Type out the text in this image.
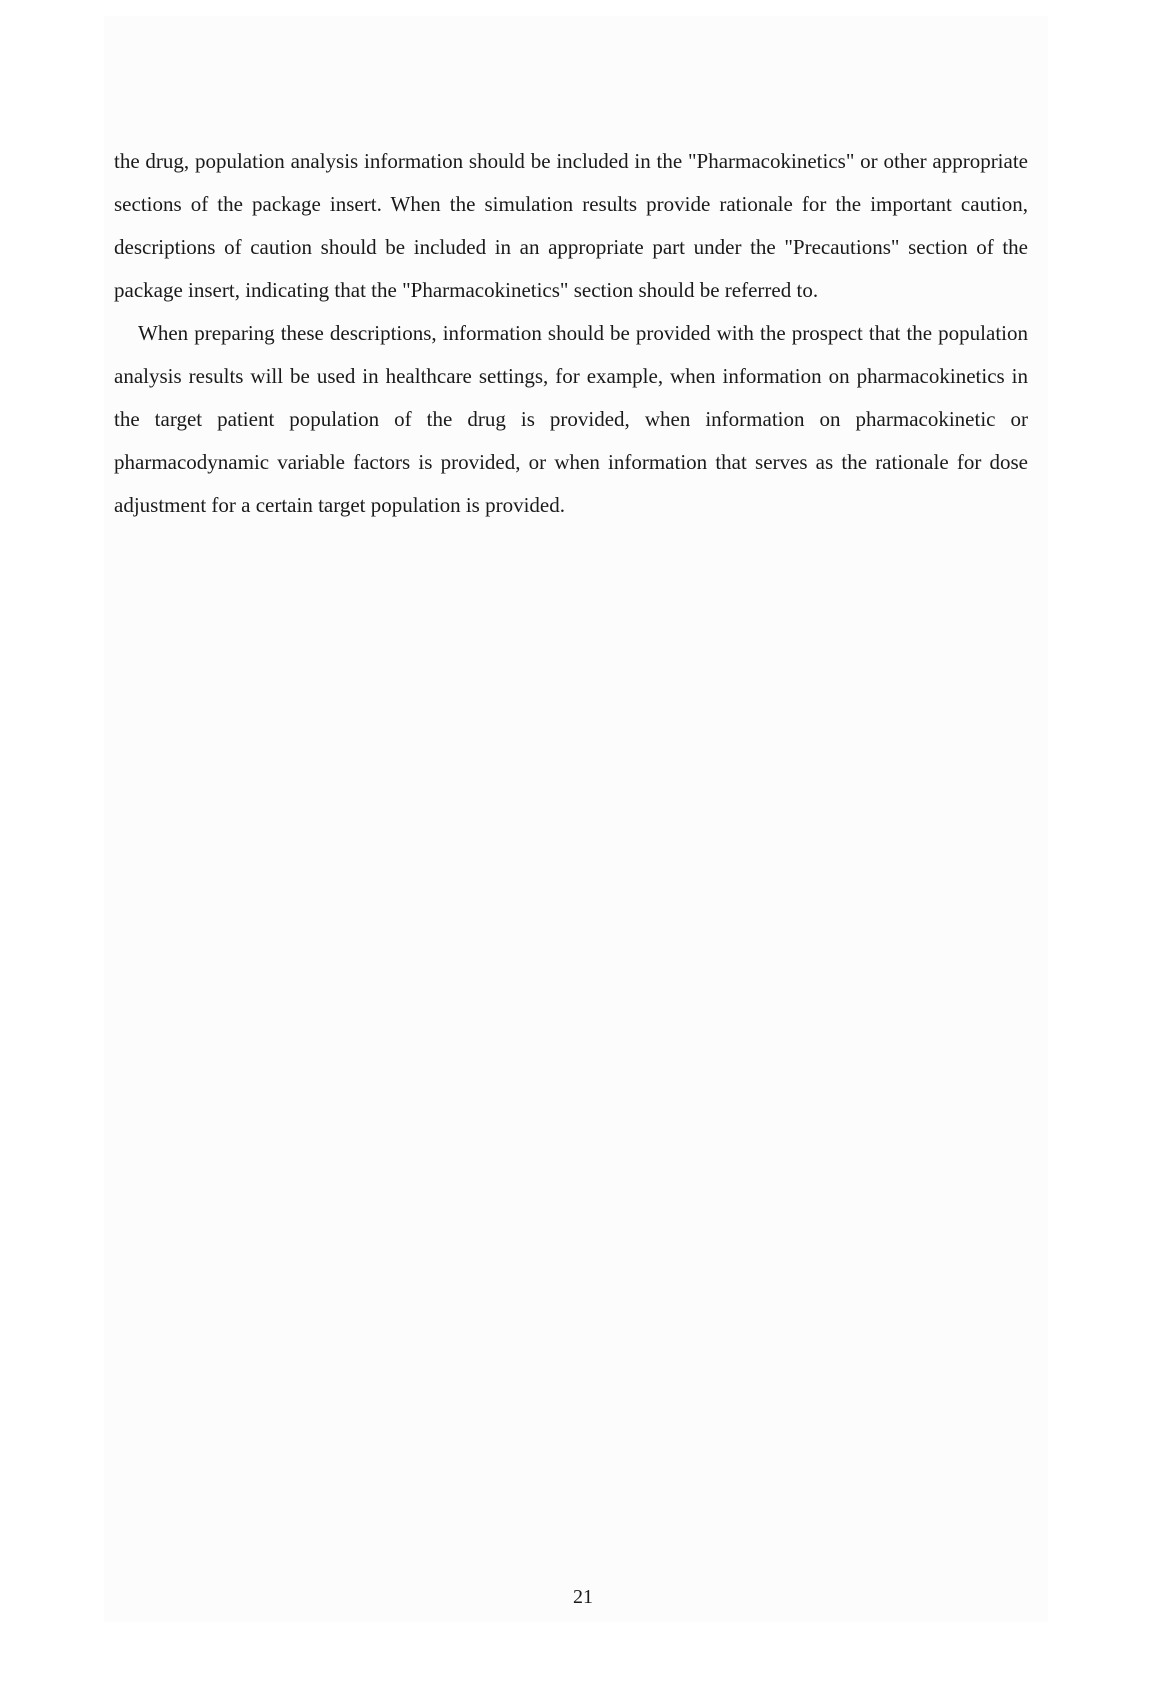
the drug, population analysis information should be included in the "Pharmacokinetics" or other appropriate sections of the package insert. When the simulation results provide rationale for the important caution, descriptions of caution should be included in an appropriate part under the "Precautions" section of the package insert, indicating that the "Pharmacokinetics" section should be referred to.

When preparing these descriptions, information should be provided with the prospect that the population analysis results will be used in healthcare settings, for example, when information on pharmacokinetics in the target patient population of the drug is provided, when information on pharmacokinetic or pharmacodynamic variable factors is provided, or when information that serves as the rationale for dose adjustment for a certain target population is provided.

21
